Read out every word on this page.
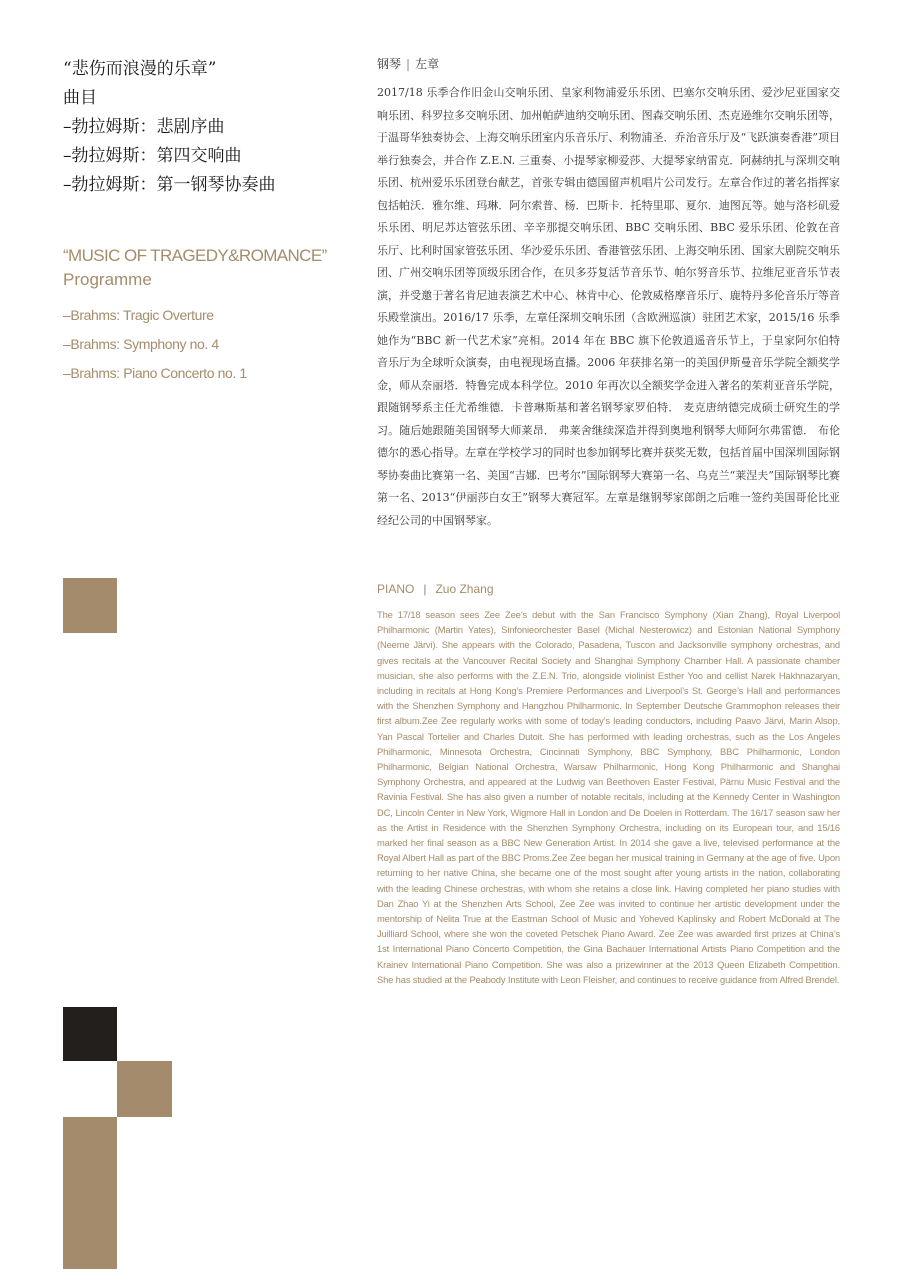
“悲伤而浪漫的乐章”
曲目
–勃拉姆斯：悲剧序曲
–勃拉姆斯：第四交响曲
–勃拉姆斯：第一钢琴协奏曲
“MUSIC OF TRAGEDY&ROMANCE”
Programme
–Brahms: Tragic Overture
–Brahms: Symphony no. 4
–Brahms: Piano Concerto no. 1
钢琴 | 左章
2017/18 乐季合作旧金山交响乐团、皇家利物浦爱乐乐团、巴塞尔交响乐团、爱沙尼亚国家交响乐团、科罗拉多交响乐团、加州帕萨迪纳交响乐团、图森交响乐团、杰克逊维尔交响乐团等，于温哥华独奏协会、上海交响乐团室内乐音乐厅、利物浦圣．乔治音乐厅及“飞跃演奏香港”项目举行独奏会，并合作 Z.E.N. 三重奏、小提琴家柳爱莎、大提琴家纳雷克．阿赫纳扎与深圳交响乐团、杭州爱乐乐团登台献艺，首张专辑由德国留声机唱片公司发行。左章合作过的著名指挥家包括帕沃．雅尔维、玛琳．阿尔索普、杨．巴斯卡．托特里耶、夏尔．迪图瓦等。她与洛杉矶爱乐乐团、明尼苏达管弦乐团、辛辛那提交响乐团、BBC 交响乐团、BBC 爱乐乐团、伦敦在音乐厅、比利时国家管弦乐团、华沙爱乐乐团、香港管弦乐团、上海交响乐团、国家大剧院交响乐团、广州交响乐团等顶级乐团合作，在贝多芬复活节音乐节、帕尔努音乐节、拉维尼亚音乐节表演，并受邀于著名肯尼迪表演艺术中心、林肯中心、伦敦威格摩音乐厅、鹿特丹多伦音乐厅等音乐殿堂演出。2016/17 乐季，左章任深圳交响乐团（含欧洲巡演）驻团艺术家，2015/16 乐季她作为“BBC 新一代艺术家”亮相。2014 年在 BBC 旗下伦敦逍遥音乐节上，于皇家阿尔伯特音乐厅为全球听众演奏，由电视现场直播。2006 年获排名第一的美国伊斯曼音乐学院全额奖学金，师从奈丽塔．特鲁完成本科学位。2010 年再次以全额奖学金进入著名的茱莉亚音乐学院，跟随钢琴系主任尤希维德．卡普琳斯基和著名钢琴家罗伯特． 麦克唐纳德完成硕士研究生的学习。随后她跟随美国钢琴大师莱昂． 弗莱舍继续深造并得到奥地利钢琴大师阿尔弗雷德． 布伦德尔的悉心指导。左章在学校学习的同时也参加钢琴比赛并获奖无数，包括首届中国深圳国际钢琴协奏曲比赛第一名、美国“吉娜．巴考尔”国际钢琴大赛第一名、乌克兰“莱涅夫”国际钢琴比赛第一名、2013“伊丽莎白女王”钢琴大赛冠军。左章是继钢琴家郎朗之后唯一签约美国哥伦比亚经纪公司的中国钢琴家。
PIANO | Zuo Zhang
The 17/18 season sees Zee Zee’s debut with the San Francisco Symphony (Xian Zhang), Royal Liverpool Philharmonic (Martin Yates), Sinfonieorchester Basel (Michal Nesterowicz) and Estonian National Symphony (Neeme Järvi). She appears with the Colorado, Pasadena, Tuscon and Jacksonville symphony orchestras, and gives recitals at the Vancouver Recital Society and Shanghai Symphony Chamber Hall. A passionate chamber musician, she also performs with the Z.E.N. Trio, alongside violinist Esther Yoo and cellist Narek Hakhnazaryan, including in recitals at Hong Kong’s Premiere Performances and Liverpool’s St. George’s Hall and performances with the Shenzhen Symphony and Hangzhou Philharmonic. In September Deutsche Grammophon releases their first album.Zee Zee regularly works with some of today’s leading conductors, including Paavo Järvi, Marin Alsop, Yan Pascal Tortelier and Charles Dutoit. She has performed with leading orchestras, such as the Los Angeles Philharmonic, Minnesota Orchestra, Cincinnati Symphony, BBC Symphony, BBC Philharmonic, London Philharmonic, Belgian National Orchestra, Warsaw Philharmonic, Hong Kong Philharmonic and Shanghai Symphony Orchestra, and appeared at the Ludwig van Beethoven Easter Festival, Pärnu Music Festival and the Ravinia Festival. She has also given a number of notable recitals, including at the Kennedy Center in Washington DC, Lincoln Center in New York, Wigmore Hall in London and De Doelen in Rotterdam. The 16/17 season saw her as the Artist in Residence with the Shenzhen Symphony Orchestra, including on its European tour, and 15/16 marked her final season as a BBC New Generation Artist. In 2014 she gave a live, televised performance at the Royal Albert Hall as part of the BBC Proms.Zee Zee began her musical training in Germany at the age of five. Upon returning to her native China, she became one of the most sought after young artists in the nation, collaborating with the leading Chinese orchestras, with whom she retains a close link. Having completed her piano studies with Dan Zhao Yi at the Shenzhen Arts School, Zee Zee was invited to continue her artistic development under the mentorship of Nelita True at the Eastman School of Music and Yoheved Kaplinsky and Robert McDonald at The Juilliard School, where she won the coveted Petschek Piano Award. Zee Zee was awarded first prizes at China’s 1st International Piano Concerto Competition, the Gina Bachauer International Artists Piano Competition and the Krainev International Piano Competition. She was also a prizewinner at the 2013 Queen Elizabeth Competition. She has studied at the Peabody Institute with Leon Fleisher, and continues to receive guidance from Alfred Brendel.
